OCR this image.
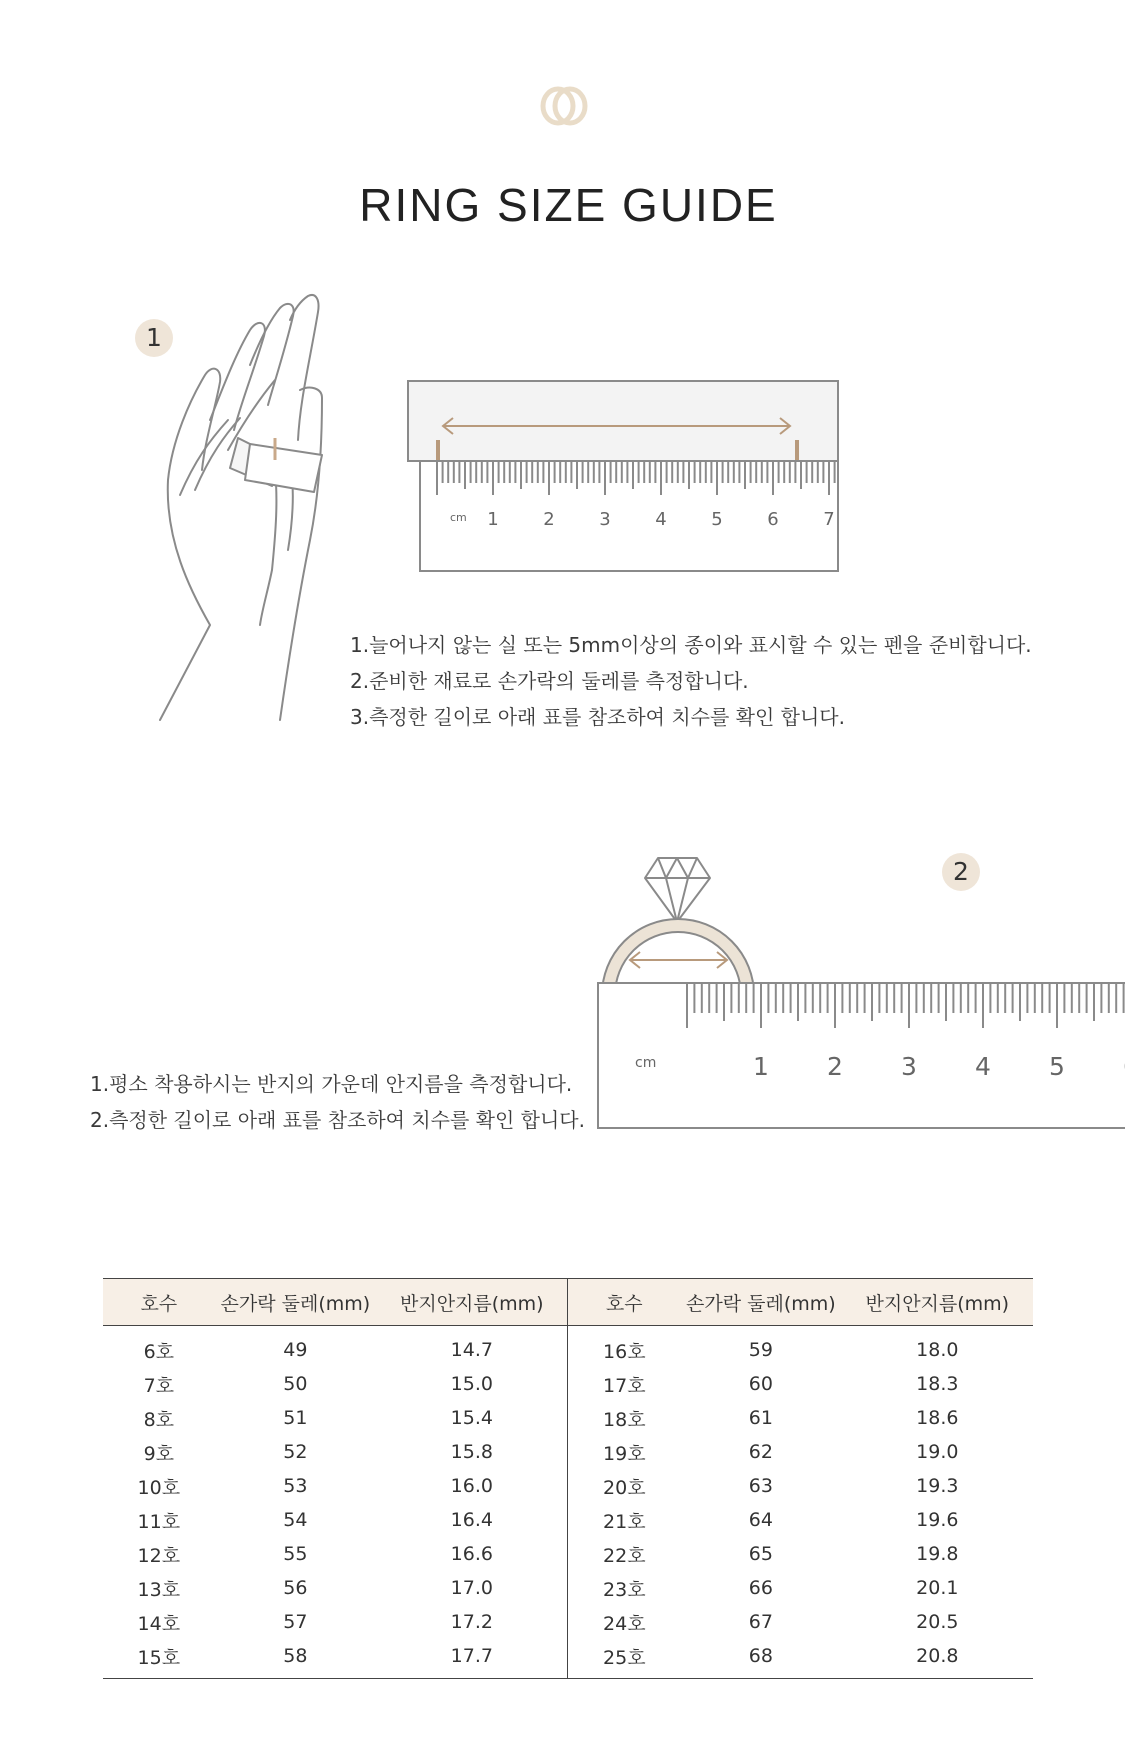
RING SIZE GUIDE
1
cm 1 2 3 4 5 6 7
1.늘어나지 않는 실 또는 5mm이상의 종이와 표시할 수 있는 펜을 준비합니다.
2.준비한 재료로 손가락의 둘레를 측정합니다.
3.측정한 길이로 아래 표를 참조하여 치수를 확인 합니다.
2
cm	1 2 3 4 5
1.평소 착용하시는 반지의 가운데 안지름을 측정합니다.
2.측정한 길이로 아래 표를 참조하여 치수를 확인 합니다.
호수	손가락 둘레(mm)	반지안지름(mm)	호수	손가락 둘레(mm)	반지안지름(mm)
6호	49	14.7	16호	59	18.0
7호	50	15.0	17호	60	18.3
8호	51	15.4	18호	61	18.6
9호	52	15.8	19호	62	19.0
10호	53	16.0	20호	63	19.3
11호	54	16.4	21호	64	19.6
12호	55	16.6	22호	65	19.8
13호	56	17.0	23호	66	20.1
14호	57	17.2	24호	67	20.5
15호	58	17.7	25호	68	20.8
